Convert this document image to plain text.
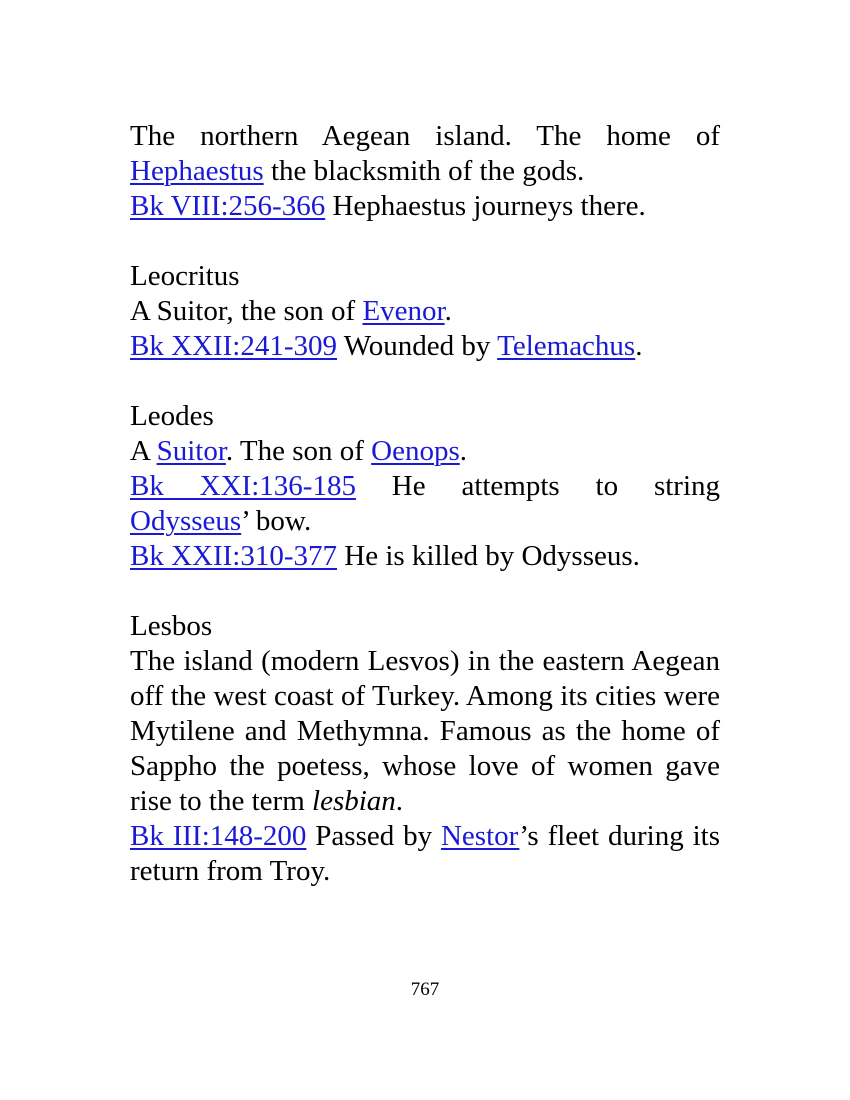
The northern Aegean island. The home of
Hephaestus the blacksmith of the gods.
Bk VIII:256-366 Hephaestus journeys there.
Leocritus
A Suitor, the son of Evenor.
Bk XXII:241-309 Wounded by Telemachus.
Leodes
A Suitor. The son of Oenops.
Bk XXI:136-185 He attempts to string
Odysseus’ bow.
Bk XXII:310-377 He is killed by Odysseus.
Lesbos
The island (modern Lesvos) in the eastern Aegean off the west coast of Turkey. Among its cities were Mytilene and Methymna. Famous as the home of Sappho the poetess, whose love of women gave rise to the term lesbian.
Bk III:148-200 Passed by Nestor’s fleet during its return from Troy.
767
